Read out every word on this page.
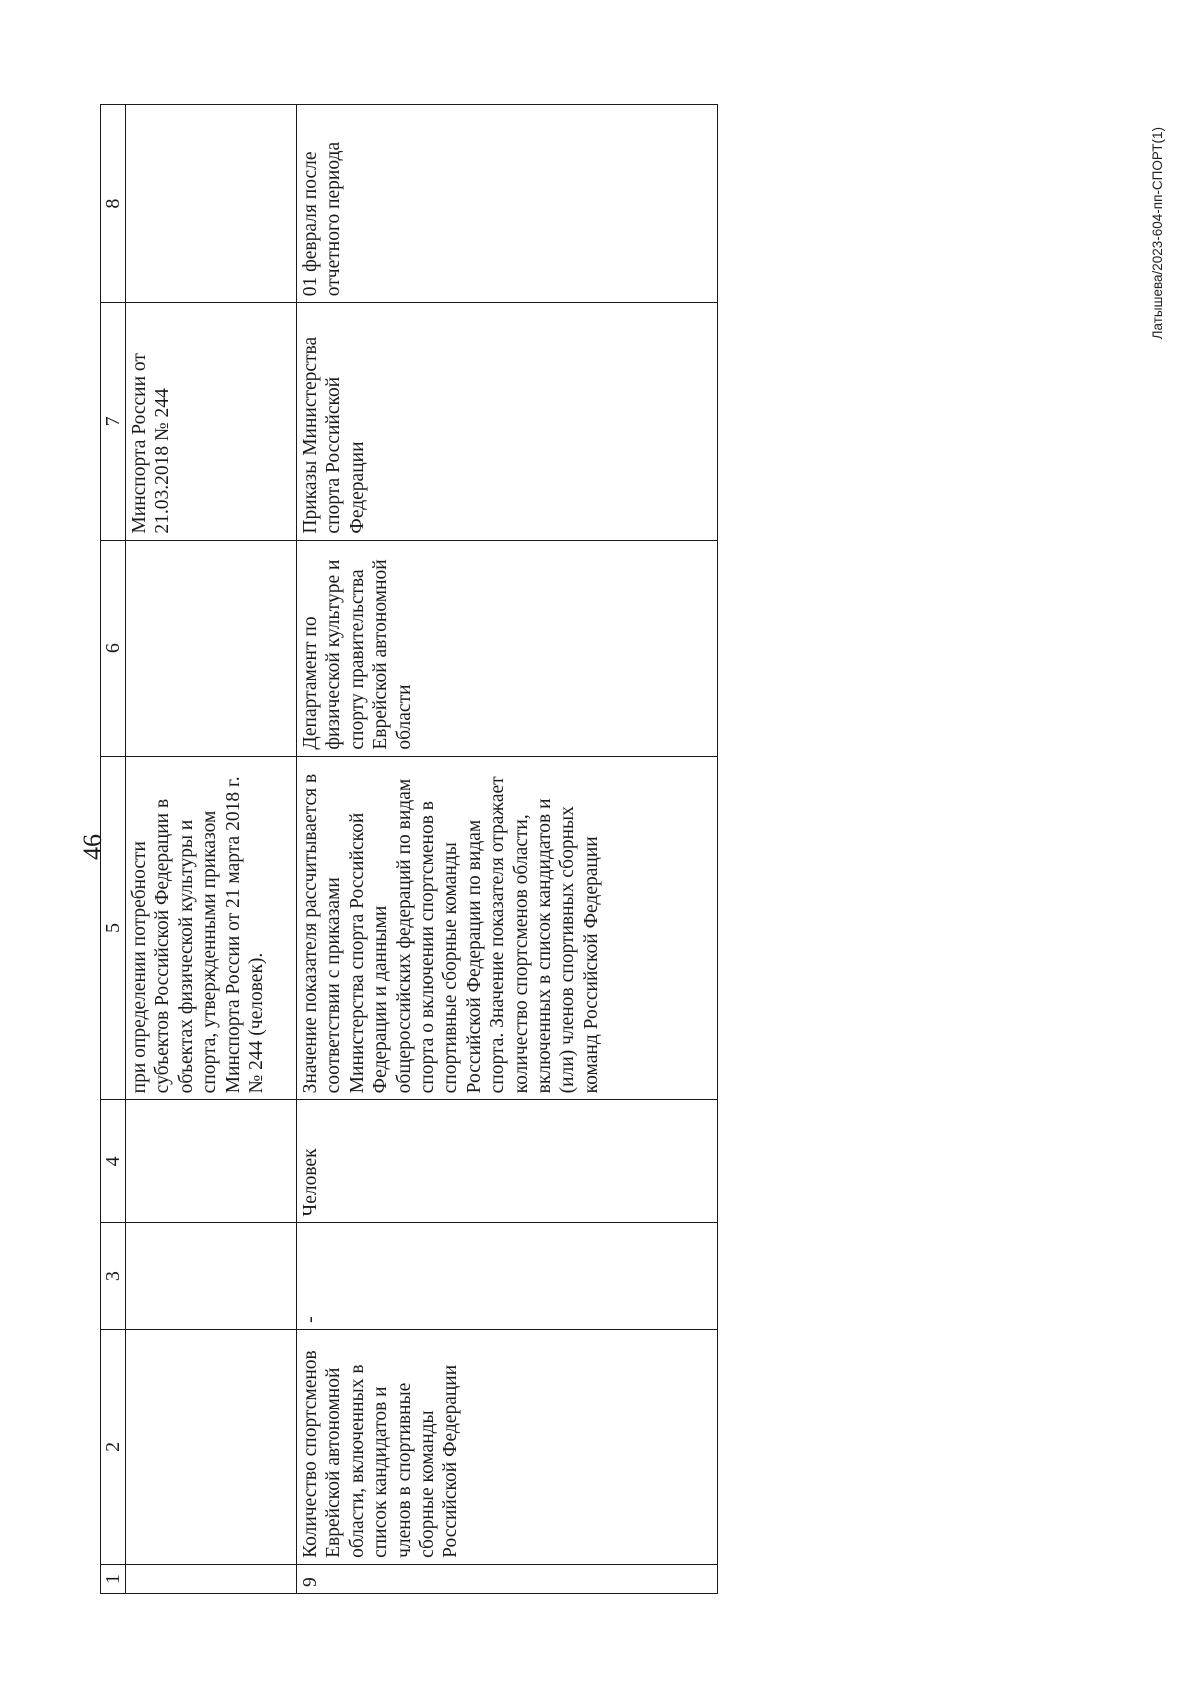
46
1	2	3	4	5	6	7	8
				при определении потребности субъектов Российской Федерации в объектах физической культуры и спорта, утвержденными приказом Минспорта России от 21 марта 2018 г. № 244 (человек).		Минспорта России от 21.03.2018 № 244	
9	Количество спортсменов Еврейской автономной области, включенных в список кандидатов и членов в спортивные сборные команды Российской Федерации	-	Человек	Значение показателя рассчитывается в соответствии с приказами Министерства спорта Российской Федерации и данными общероссийских федераций по видам спорта о включении спортсменов в спортивные сборные команды Российской Федерации по видам спорта. Значение показателя отражает количество спортсменов области, включенных в список кандидатов и (или) членов спортивных сборных команд Российской Федерации	Департамент по физической культуре и спорту правительства Еврейской автономной области	Приказы Министерства спорта Российской Федерации	01 февраля после отчетного периода	Латышева/2023-604-пп-СПОРТ(1)
